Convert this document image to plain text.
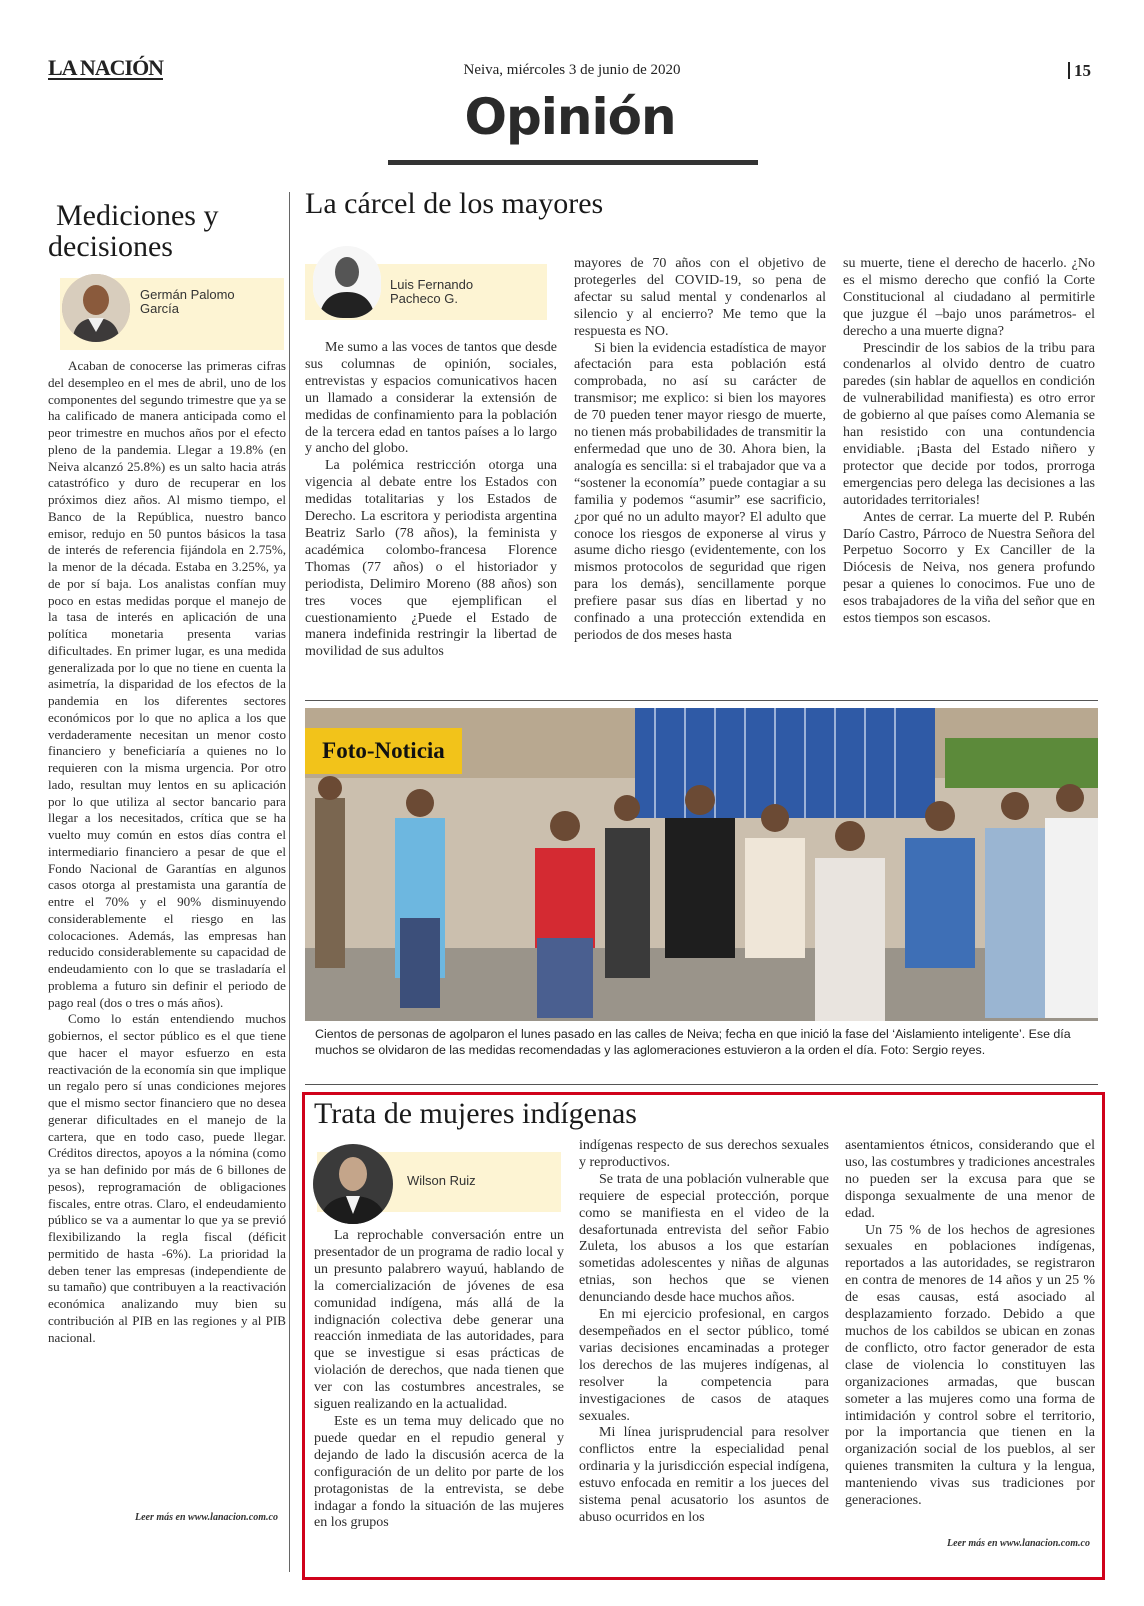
LA NACIÓN	Neiva, miércoles 3 de junio de 2020	15
Opinión
Mediciones y
decisiones
Germán Palomo
García

Acaban de conocerse las primeras cifras del desempleo en el mes de abril, uno de los componentes del segundo trimestre que ya se ha calificado de manera anticipada como el peor trimestre en muchos años por el efecto pleno de la pandemia. Llegar a 19.8% (en Neiva alcanzó 25.8%) es un salto hacia atrás catastrófico y duro de recuperar en los próximos diez años. Al mismo tiempo, el Banco de la República, nuestro banco emisor, redujo en 50 puntos básicos la tasa de interés de referencia fijándola en 2.75%, la menor de la década. Estaba en 3.25%, ya de por sí baja. Los analistas confían muy poco en estas medidas porque el manejo de la tasa de interés en aplicación de una política monetaria presenta varias dificultades. En primer lugar, es una medida generalizada por lo que no tiene en cuenta la asimetría, la disparidad de los efectos de la pandemia en los diferentes sectores económicos por lo que no aplica a los que verdaderamente necesitan un menor costo financiero y beneficiaría a quienes no lo requieren con la misma urgencia. Por otro lado, resultan muy lentos en su aplicación por lo que utiliza al sector bancario para llegar a los necesitados, crítica que se ha vuelto muy común en estos días contra el intermediario financiero a pesar de que el Fondo Nacional de Garantías en algunos casos otorga al prestamista una garantía de entre el 70% y el 90% disminuyendo considerablemente el riesgo en las colocaciones. Además, las empresas han reducido considerablemente su capacidad de endeudamiento con lo que se trasladaría el problema a futuro sin definir el periodo de pago real (dos o tres o más años).

Como lo están entendiendo muchos gobiernos, el sector público es el que tiene que hacer el mayor esfuerzo en esta reactivación de la economía sin que implique un regalo pero sí unas condiciones mejores que el mismo sector financiero que no desea generar dificultades en el manejo de la cartera, que en todo caso, puede llegar. Créditos directos, apoyos a la nómina (como ya se han definido por más de 6 billones de pesos), reprogramación de obligaciones fiscales, entre otras. Claro, el endeudamiento público se va a aumentar lo que ya se previó flexibilizando la regla fiscal (déficit permitido de hasta -6%). La prioridad la deben tener las empresas (independiente de su tamaño) que contribuyen a la reactivación económica analizando muy bien su contribución al PIB en las regiones y al PIB nacional.

Leer más en www.lanacion.com.co
La cárcel de los mayores
Luis Fernando
Pacheco G.

Me sumo a las voces de tantos que desde sus columnas de opinión, sociales, entrevistas y espacios comunicativos hacen un llamado a considerar la extensión de medidas de confinamiento para la población de la tercera edad en tantos países a lo largo y ancho del globo.

La polémica restricción otorga una vigencia al debate entre los Estados con medidas totalitarias y los Estados de Derecho. La escritora y periodista argentina Beatriz Sarlo (78 años), la feminista y académica colombo-francesa Florence Thomas (77 años) o el historiador y periodista, Delimiro Moreno (88 años) son tres voces que ejemplifican el cuestionamiento ¿Puede el Estado de manera indefinida restringir la libertad de movilidad de sus adultos

mayores de 70 años con el objetivo de protegerles del COVID-19, so pena de afectar su salud mental y condenarlos al silencio y al encierro? Me temo que la respuesta es NO.

Si bien la evidencia estadística de mayor afectación para esta población está comprobada, no así su carácter de transmisor; me explico: si bien los mayores de 70 pueden tener mayor riesgo de muerte, no tienen más probabilidades de transmitir la enfermedad que uno de 30. Ahora bien, la analogía es sencilla: si el trabajador que va a “sostener la economía” puede contagiar a su familia y podemos “asumir” ese sacrificio, ¿por qué no un adulto mayor? El adulto que conoce los riesgos de exponerse al virus y asume dicho riesgo (evidentemente, con los mismos protocolos de seguridad que rigen para los demás), sencillamente porque prefiere pasar sus días en libertad y no confinado a una protección extendida en periodos de dos meses hasta

su muerte, tiene el derecho de hacerlo. ¿No es el mismo derecho que confió la Corte Constitucional al ciudadano al permitirle que juzgue él –bajo unos parámetros- el derecho a una muerte digna?

Prescindir de los sabios de la tribu para condenarlos al olvido dentro de cuatro paredes (sin hablar de aquellos en condición de vulnerabilidad manifiesta) es otro error de gobierno al que países como Alemania se han resistido con una contundencia envidiable. ¡Basta del Estado niñero y protector que decide por todos, prorroga emergencias pero delega las decisiones a las autoridades territoriales!

Antes de cerrar. La muerte del P. Rubén Darío Castro, Párroco de Nuestra Señora del Perpetuo Socorro y Ex Canciller de la Diócesis de Neiva, nos genera profundo pesar a quienes lo conocimos. Fue uno de esos trabajadores de la viña del señor que en estos tiempos son escasos.

Foto-Noticia
Cientos de personas de agolparon el lunes pasado en las calles de Neiva; fecha en que inició la fase del ‘Aislamiento inteligente’. Ese día muchos se olvidaron de las medidas recomendadas y las aglomeraciones estuvieron a la orden el día. Foto: Sergio reyes.
Trata de mujeres indígenas
Wilson Ruiz

La reprochable conversación entre un presentador de un programa de radio local y un presunto palabrero wayuú, hablando de la comercialización de jóvenes de esa comunidad indígena, más allá de la indignación colectiva debe generar una reacción inmediata de las autoridades, para que se investigue si esas prácticas de violación de derechos, que nada tienen que ver con las costumbres ancestrales, se siguen realizando en la actualidad.

Este es un tema muy delicado que no puede quedar en el repudio general y dejando de lado la discusión acerca de la configuración de un delito por parte de los protagonistas de la entrevista, se debe indagar a fondo la situación de las mujeres en los grupos

indígenas respecto de sus derechos sexuales y reproductivos.

Se trata de una población vulnerable que requiere de especial protección, porque como se manifiesta en el video de la desafortunada entrevista del señor Fabio Zuleta, los abusos a los que estarían sometidas adolescentes y niñas de algunas etnias, son hechos que se vienen denunciando desde hace muchos años.

En mi ejercicio profesional, en cargos desempeñados en el sector público, tomé varias decisiones encaminadas a proteger los derechos de las mujeres indígenas, al resolver la competencia para investigaciones de casos de ataques sexuales.

Mi línea jurisprudencial para resolver conflictos entre la especialidad penal ordinaria y la jurisdicción especial indígena, estuvo enfocada en remitir a los jueces del sistema penal acusatorio los asuntos de abuso ocurridos en los

asentamientos étnicos, considerando que el uso, las costumbres y tradiciones ancestrales no pueden ser la excusa para que se disponga sexualmente de una menor de edad.

Un 75 % de los hechos de agresiones sexuales en poblaciones indígenas, reportados a las autoridades, se registraron en contra de menores de 14 años y un 25 % de esas causas, está asociado al desplazamiento forzado. Debido a que muchos de los cabildos se ubican en zonas de conflicto, otro factor generador de esta clase de violencia lo constituyen las organizaciones armadas, que buscan someter a las mujeres como una forma de intimidación y control sobre el territorio, por la importancia que tienen en la organización social de los pueblos, al ser quienes transmiten la cultura y la lengua, manteniendo vivas sus tradiciones por generaciones.

Leer más en www.lanacion.com.co
